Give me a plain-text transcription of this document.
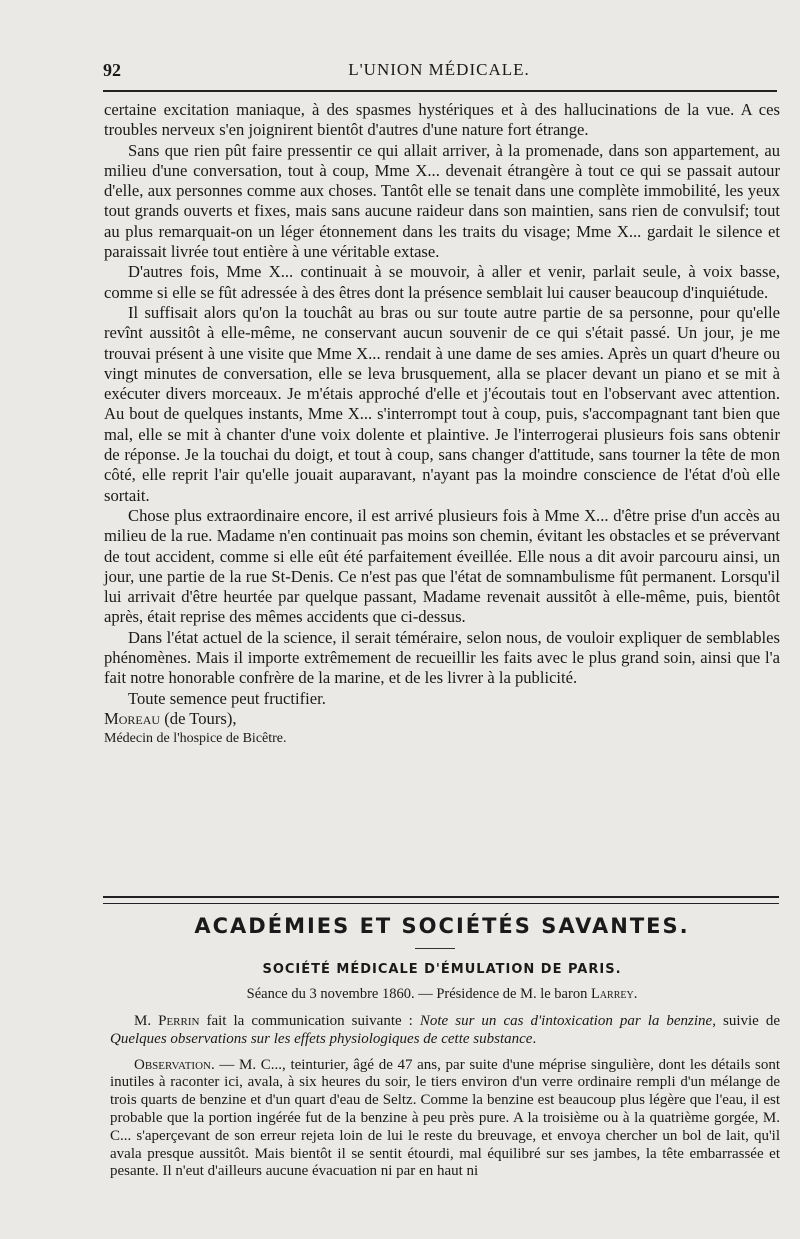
92	L'UNION MÉDICALE.

certaine excitation maniaque, à des spasmes hystériques et à des hallucinations de la vue. A ces troubles nerveux s'en joignirent bientôt d'autres d'une nature fort étrange.

Sans que rien pût faire pressentir ce qui allait arriver, à la promenade, dans son appartement, au milieu d'une conversation, tout à coup, Mme X... devenait étrangère à tout ce qui se passait autour d'elle, aux personnes comme aux choses. Tantôt elle se tenait dans une complète immobilité, les yeux tout grands ouverts et fixes, mais sans aucune raideur dans son maintien, sans rien de convulsif; tout au plus remarquait-on un léger étonnement dans les traits du visage; Mme X... gardait le silence et paraissait livrée tout entière à une véritable extase.

D'autres fois, Mme X... continuait à se mouvoir, à aller et venir, parlait seule, à voix basse, comme si elle se fût adressée à des êtres dont la présence semblait lui causer beaucoup d'inquiétude.

Il suffisait alors qu'on la touchât au bras ou sur toute autre partie de sa personne, pour qu'elle revînt aussitôt à elle-même, ne conservant aucun souvenir de ce qui s'était passé. Un jour, je me trouvai présent à une visite que Mme X... rendait à une dame de ses amies. Après un quart d'heure ou vingt minutes de conversation, elle se leva brusquement, alla se placer devant un piano et se mit à exécuter divers morceaux. Je m'étais approché d'elle et j'écoutais tout en l'observant avec attention. Au bout de quelques instants, Mme X... s'interrompt tout à coup, puis, s'accompagnant tant bien que mal, elle se mit à chanter d'une voix dolente et plaintive. Je l'interrogerai plusieurs fois sans obtenir de réponse. Je la touchai du doigt, et tout à coup, sans changer d'attitude, sans tourner la tête de mon côté, elle reprit l'air qu'elle jouait auparavant, n'ayant pas la moindre conscience de l'état d'où elle sortait.

Chose plus extraordinaire encore, il est arrivé plusieurs fois à Mme X... d'être prise d'un accès au milieu de la rue. Madame n'en continuait pas moins son chemin, évitant les obstacles et se prévervant de tout accident, comme si elle eût été parfaitement éveillée. Elle nous a dit avoir parcouru ainsi, un jour, une partie de la rue St-Denis. Ce n'est pas que l'état de somnambulisme fût permanent. Lorsqu'il lui arrivait d'être heurtée par quelque passant, Madame revenait aussitôt à elle-même, puis, bientôt après, était reprise des mêmes accidents que ci-dessus.

Dans l'état actuel de la science, il serait téméraire, selon nous, de vouloir expliquer de semblables phénomènes. Mais il importe extrêmement de recueillir les faits avec le plus grand soin, ainsi que l'a fait notre honorable confrère de la marine, et de les livrer à la publicité.

Toute semence peut fructifier.

Moreau (de Tours),

Médecin de l'hospice de Bicêtre.

ACADÉMIES ET SOCIÉTÉS SAVANTES.
SOCIÉTÉ MÉDICALE D'ÉMULATION DE PARIS.
Séance du 3 novembre 1860. — Présidence de M. le baron Larrey.

M. Perrin fait la communication suivante : Note sur un cas d'intoxication par la benzine, suivie de Quelques observations sur les effets physiologiques de cette substance.

Observation. — M. C..., teinturier, âgé de 47 ans, par suite d'une méprise singulière, dont les détails sont inutiles à raconter ici, avala, à six heures du soir, le tiers environ d'un verre ordinaire rempli d'un mélange de trois quarts de benzine et d'un quart d'eau de Seltz. Comme la benzine est beaucoup plus légère que l'eau, il est probable que la portion ingérée fut de la benzine à peu près pure. A la troisième ou à la quatrième gorgée, M. C... s'aperçevant de son erreur rejeta loin de lui le reste du breuvage, et envoya chercher un bol de lait, qu'il avala presque aussitôt. Mais bientôt il se sentit étourdi, mal équilibré sur ses jambes, la tête embarrassée et pesante. Il n'eut d'ailleurs aucune évacuation ni par en haut ni
